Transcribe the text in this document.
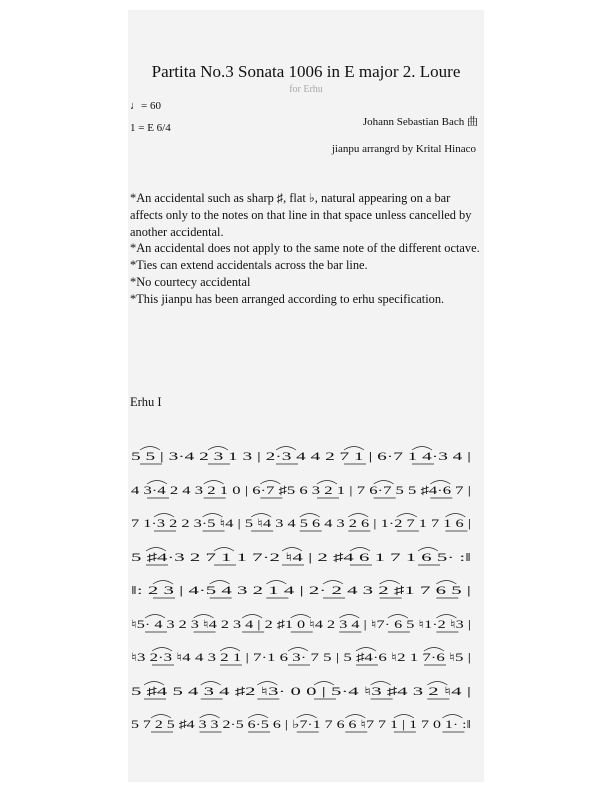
Partita No.3 Sonata 1006 in E major 2. Loure
for Erhu
♩= 60
1 = E 6/4	Johann Sebastian Bach 曲
jianpu arrangrd by Krital Hinaco

*An accidental such as sharp ♯, flat ♭, natural appearing on a bar affects only to the notes on that line in that space unless cancelled by another accidental.

*An accidental does not apply to the same note of the different octave.

*Ties can extend accidentals across the bar line.

*No courtecy accidental

*This jianpu has been arranged according to erhu specification.

Erhu I
5 5 | 3·4 2 3 1 3 | 2·3 4 4 2 7 1 | 6·7 1 4·3 4 |
4 3·4 2 4 3 2 1 0 | 6·7 ♯5 6 3 2 1 | 7 6·7 5 5 ♯4·6 7 |
7 1·3 2 2 3·5 ♮4 | 5 ♮4 3 4 5 6 4 3 2 6 | 1·2 7 1 7 1 6 |
5 ♯4·3 2 7 1 1 7·2 ♮4 | 2 ♯4 6 1 7 1 6 5· :‖
‖: 2 3 | 4·5 4 3 2 1 4 | 2· 2 4 3 2 ♯1 7 6 5 |
♮5· 4 3 2 3 ♮4 2 3 4 | 2 ♯1 0 ♮4 2 3 4 | ♮7· 6 5 ♮1·2 ♮3 |
♮3 2·3 ♮4 4 3 2 1 | 7·1 6 3· 7 5 | 5 ♯4·6 ♮2 1 7·6 ♮5 |
5 ♯4 5 4 3 4 ♯2 ♮3· 0 0 | 5·4 ♮3 ♯4 3 2 ♮4 |
5 7 2 5 ♯4 3 3 2·5 6·5 6 | ♭7·1 7 6 6 ♮7 7 1 | 1 7 0 1· :‖
